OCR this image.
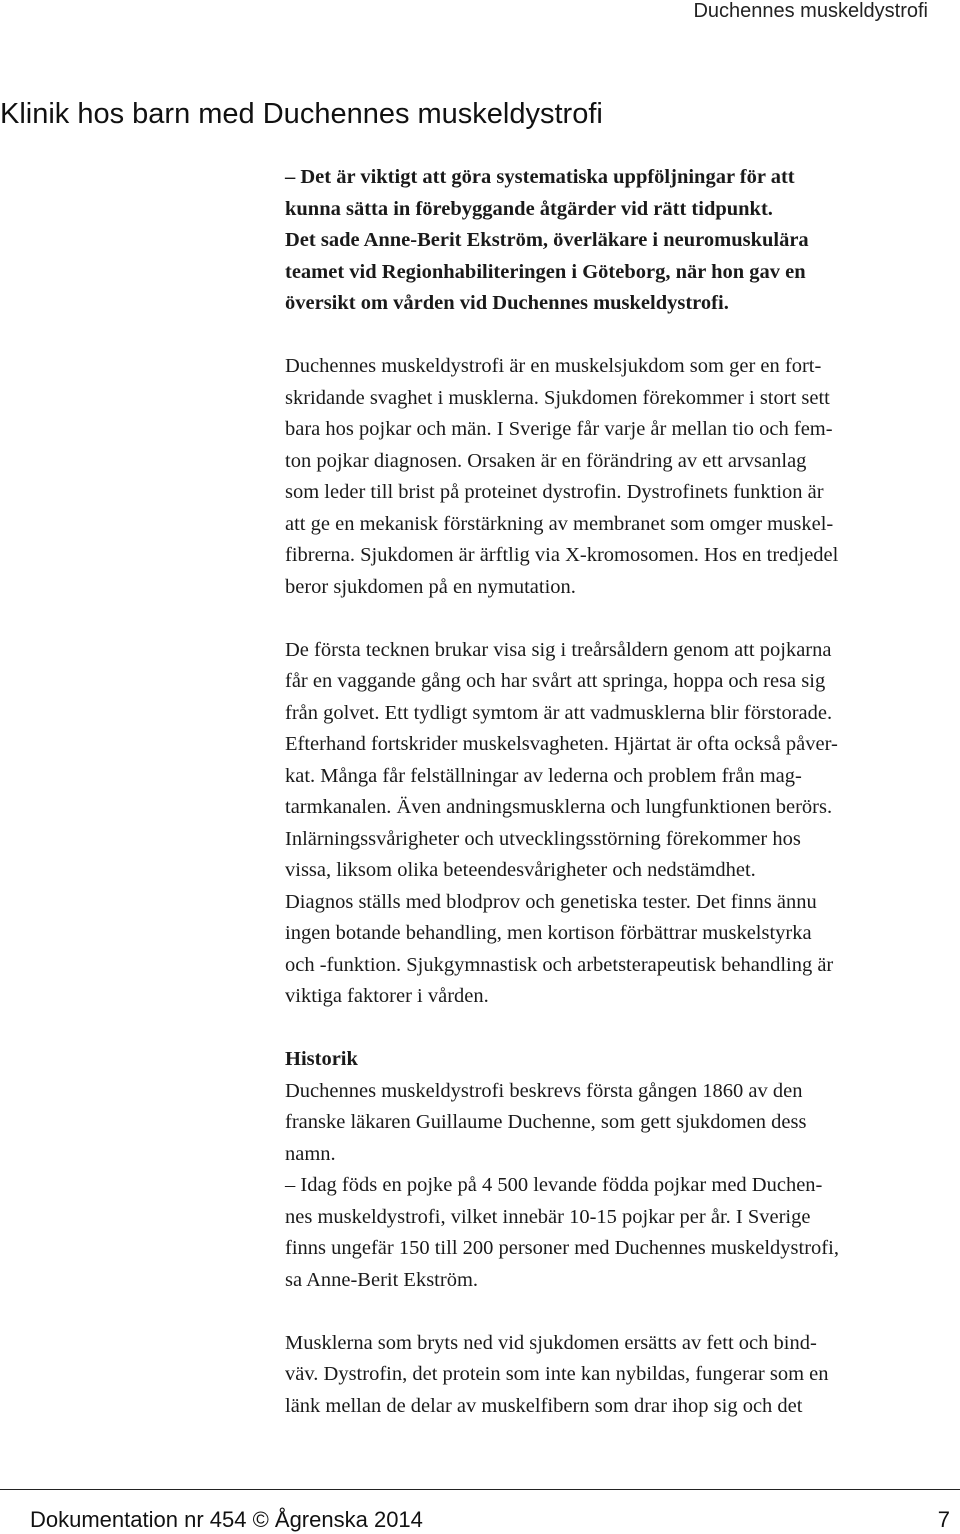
Duchennes muskeldystrofi
Klinik hos barn med Duchennes muskeldystrofi
– Det är viktigt att göra systematiska uppföljningar för att
kunna sätta in förebyggande åtgärder vid rätt tidpunkt.
Det sade Anne-Berit Ekström, överläkare i neuromuskulära
teamet vid Regionhabiliteringen i Göteborg, när hon gav en
översikt om vården vid Duchennes muskeldystrofi.
Duchennes muskeldystrofi är en muskelsjukdom som ger en fort-
skridande svaghet i musklerna. Sjukdomen förekommer i stort sett
bara hos pojkar och män. I Sverige får varje år mellan tio och fem-
ton pojkar diagnosen. Orsaken är en förändring av ett arvsanlag
som leder till brist på proteinet dystrofin. Dystrofinets funktion är
att ge en mekanisk förstärkning av membranet som omger muskel-
fibrerna. Sjukdomen är ärftlig via X-kromosomen. Hos en tredjedel
beror sjukdomen på en nymutation.
De första tecknen brukar visa sig i treårsåldern genom att pojkarna
får en vaggande gång och har svårt att springa, hoppa och resa sig
från golvet. Ett tydligt symtom är att vadmusklerna blir förstorade.
Efterhand fortskrider muskelsvagheten. Hjärtat är ofta också påver-
kat. Många får felställningar av lederna och problem från mag-
tarmkanalen. Även andningsmusklerna och lungfunktionen berörs.
Inlärningssvårigheter och utvecklingsstörning förekommer hos
vissa, liksom olika beteendesvårigheter och nedstämdhet.
Diagnos ställs med blodprov och genetiska tester. Det finns ännu
ingen botande behandling, men kortison förbättrar muskelstyrka
och -funktion. Sjukgymnastisk och arbetsterapeutisk behandling är
viktiga faktorer i vården.
Historik
Duchennes muskeldystrofi beskrevs första gången 1860 av den
franske läkaren Guillaume Duchenne, som gett sjukdomen dess
namn.
– Idag föds en pojke på 4 500 levande födda pojkar med Duchen-
nes muskeldystrofi, vilket innebär 10-15 pojkar per år. I Sverige
finns ungefär 150 till 200 personer med Duchennes muskeldystrofi,
sa Anne-Berit Ekström.
Musklerna som bryts ned vid sjukdomen ersätts av fett och bind-
väv. Dystrofin, det protein som inte kan nybildas, fungerar som en
länk mellan de delar av muskelfibern som drar ihop sig och det
Dokumentation nr 454 © Ågrenska 2014	7
